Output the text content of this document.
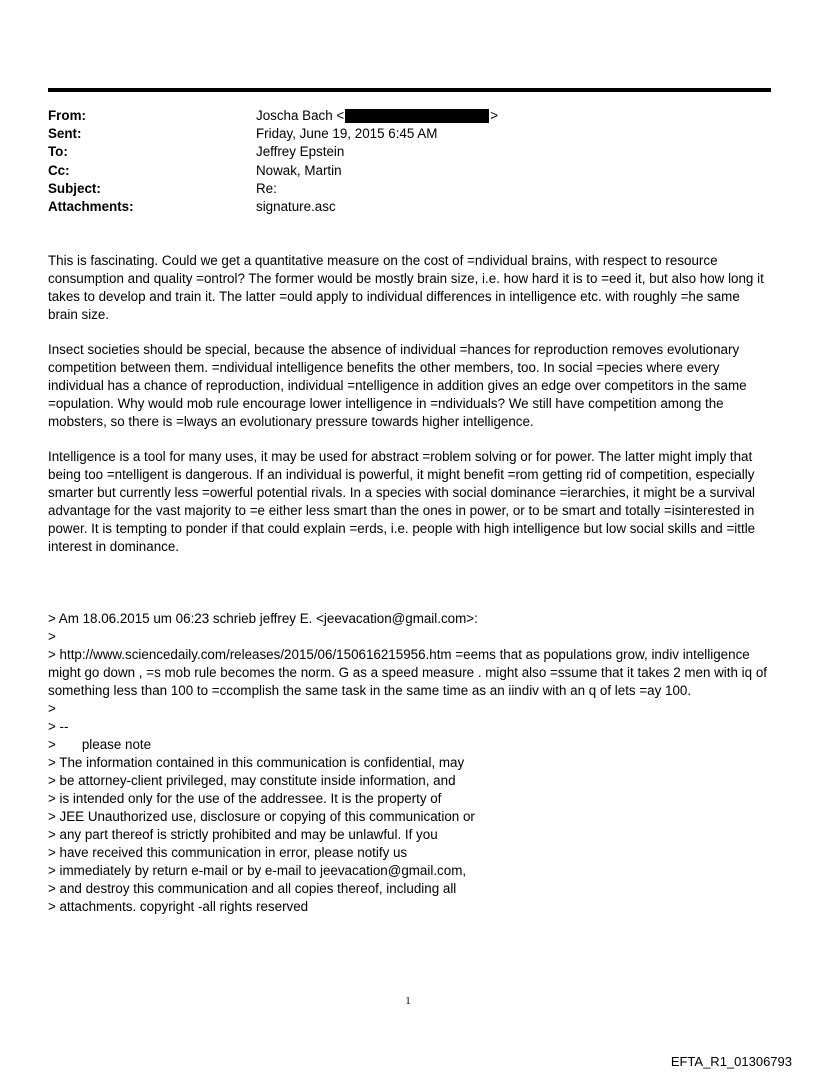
From:	Joscha Bach <	>
Sent:	Friday, June 19, 2015 6:45 AM
To:	Jeffrey Epstein
Cc:	Nowak, Martin
Subject:	Re:
Attachments:	signature.asc

This is fascinating. Could we get a quantitative measure on the cost of =ndividual brains, with respect to resource consumption and quality =ontrol? The former would be mostly brain size, i.e. how hard it is to =eed it, but also how long it takes to develop and train it. The latter =ould apply to individual differences in intelligence etc. with roughly =he same brain size.

Insect societies should be special, because the absence of individual =hances for reproduction removes evolutionary competition between them. =ndividual intelligence benefits the other members, too. In social =pecies where every individual has a chance of reproduction, individual =ntelligence in addition gives an edge over competitors in the same =opulation. Why would mob rule encourage lower intelligence in =ndividuals? We still have competition among the mobsters, so there is =lways an evolutionary pressure towards higher intelligence.

Intelligence is a tool for many uses, it may be used for abstract =roblem solving or for power. The latter might imply that being too =ntelligent is dangerous. If an individual is powerful, it might benefit =rom getting rid of competition, especially smarter but currently less =owerful potential rivals. In a species with social dominance =ierarchies, it might be a survival advantage for the vast majority to =e either less smart than the ones in power, or to be smart and totally =isinterested in power. It is tempting to ponder if that could explain =erds, i.e. people with high intelligence but low social skills and =ittle interest in dominance.

> Am 18.06.2015 um 06:23 schrieb jeffrey E. <jeevacation@gmail.com>:
>
> http://www.sciencedaily.com/releases/2015/06/150616215956.htm =eems that as populations grow, indiv intelligence might go down , =s mob rule becomes the norm. G as a speed measure . might also =ssume that it takes 2 men with iq of something less than 100 to =ccomplish the same task in the same time as an iindiv with an q of lets =ay 100.
>
> --
>       please note
> The information contained in this communication is confidential, may
> be attorney-client privileged, may constitute inside information, and
> is intended only for the use of the addressee. It is the property of
> JEE Unauthorized use, disclosure or copying of this communication or
> any part thereof is strictly prohibited and may be unlawful. If you
> have received this communication in error, please notify us
> immediately by return e-mail or by e-mail to jeevacation@gmail.com,
> and destroy this communication and all copies thereof, including all
> attachments. copyright -all rights reserved
1
EFTA_R1_01306793
